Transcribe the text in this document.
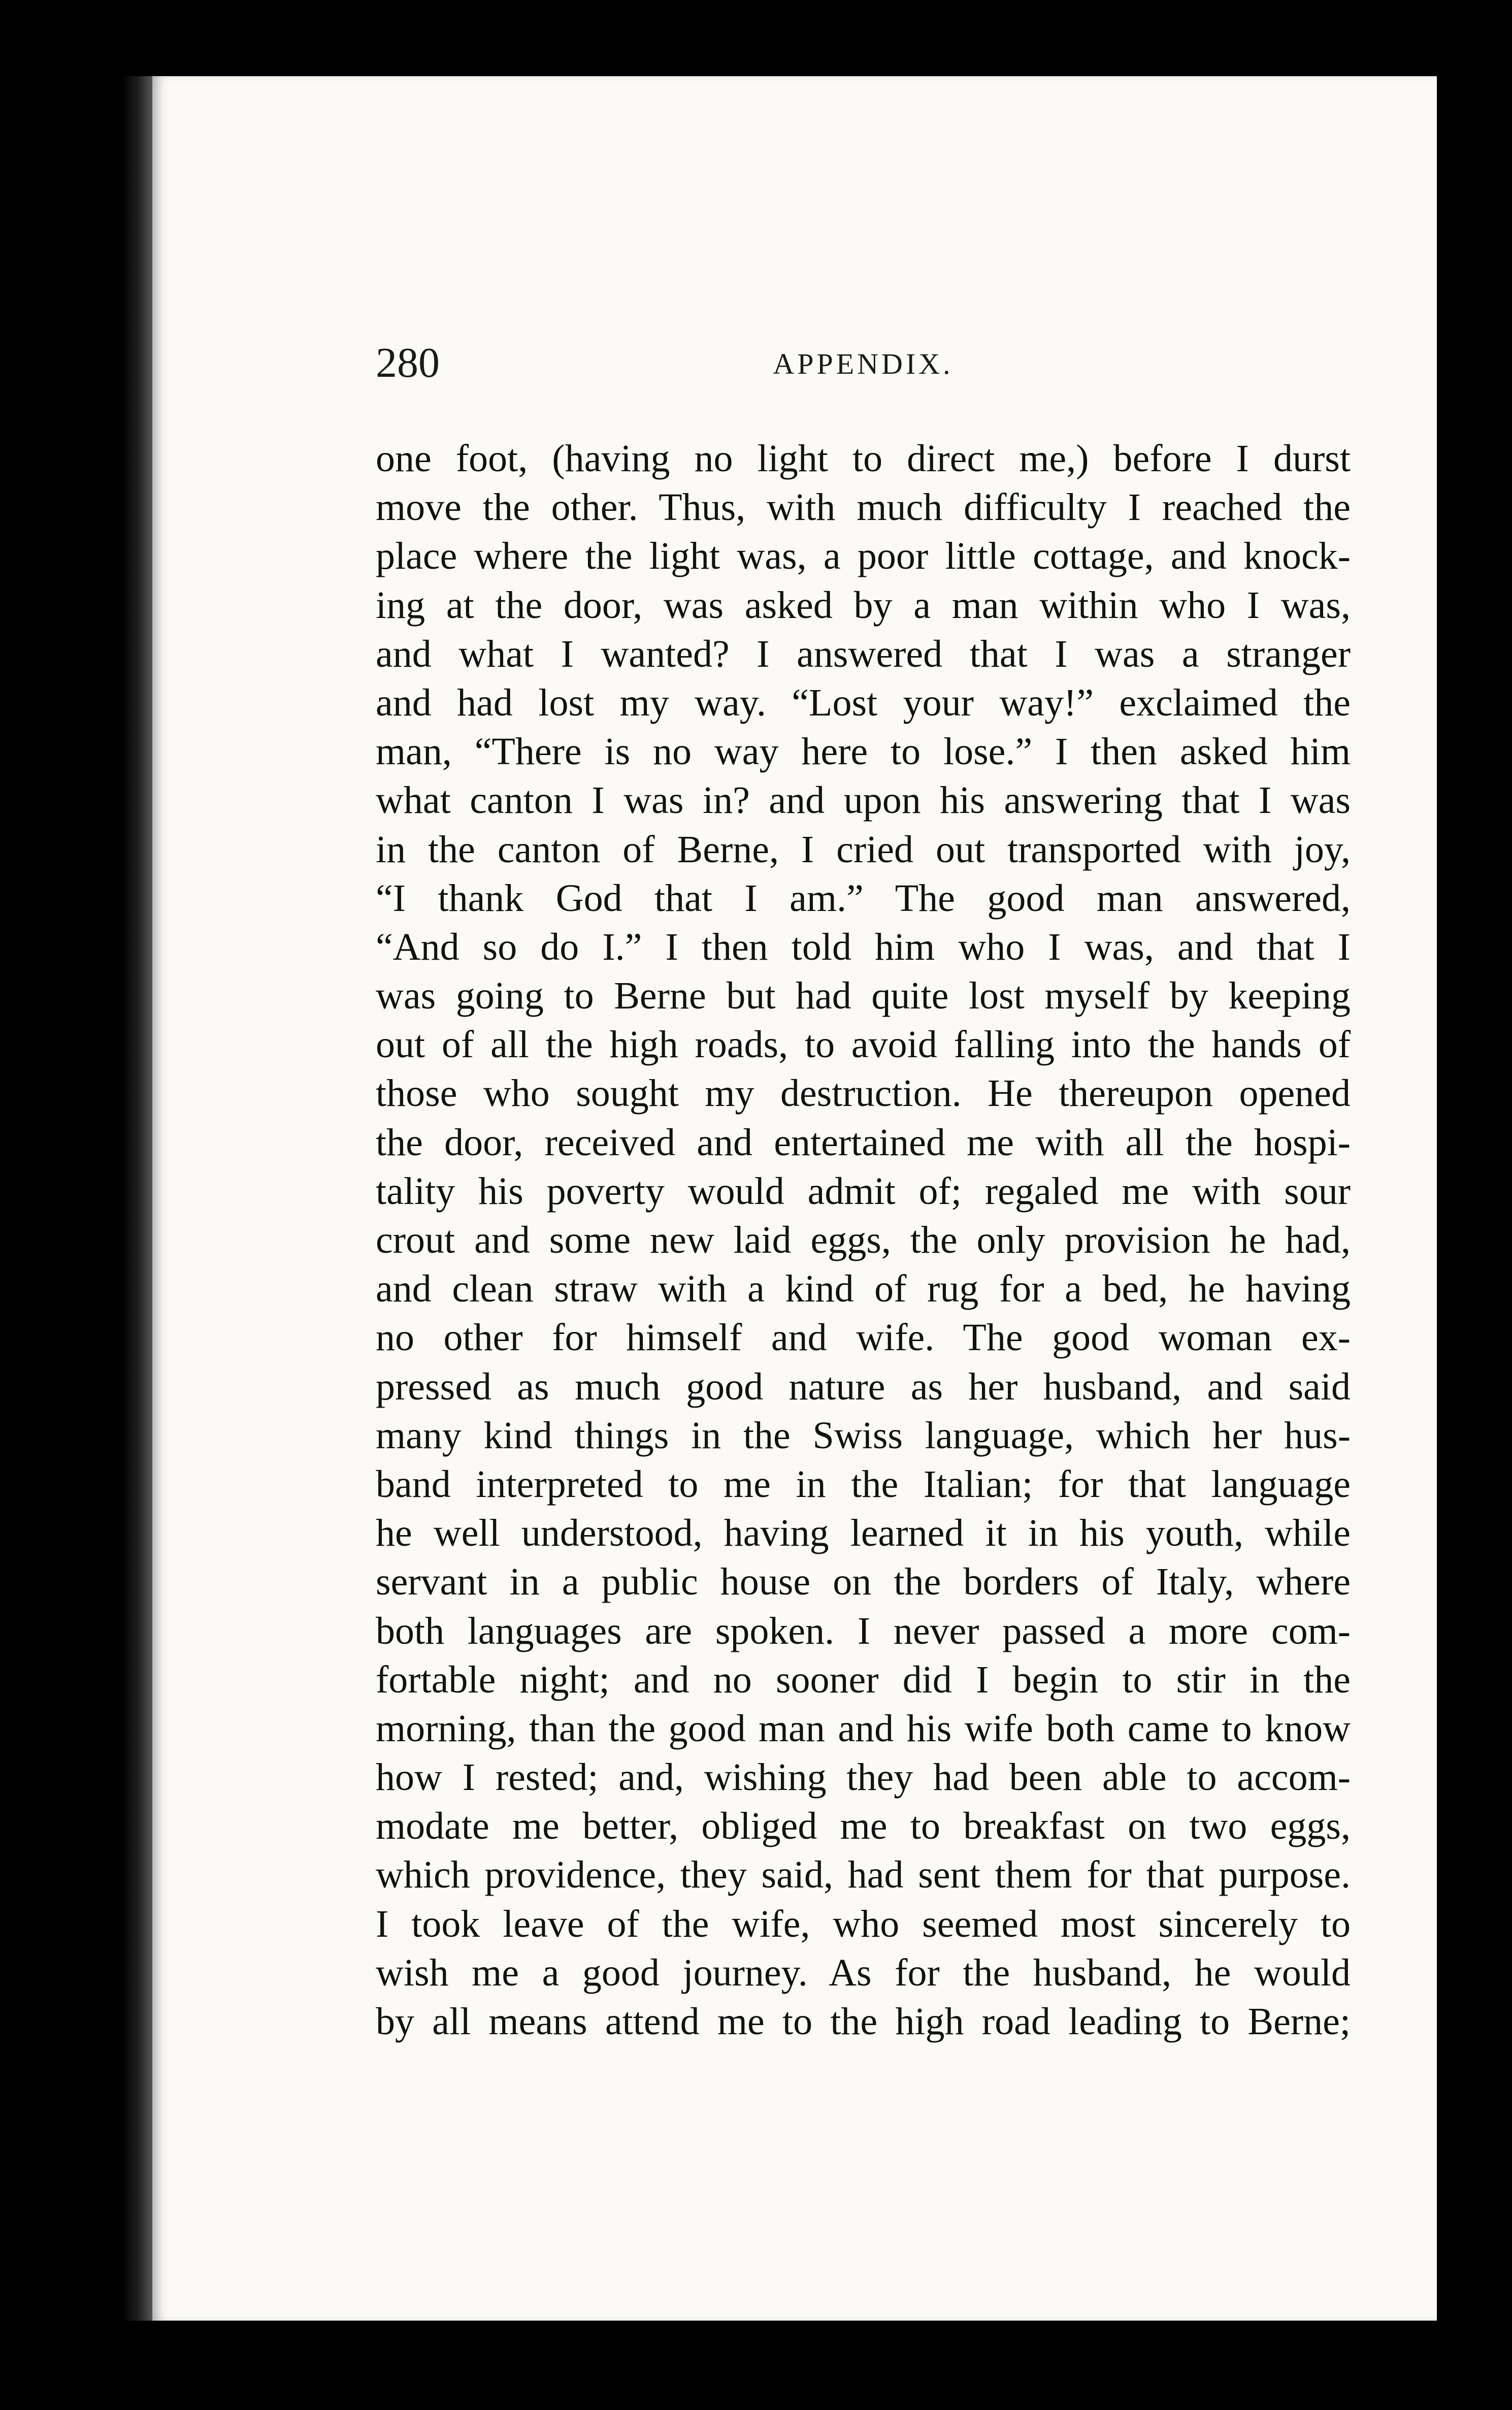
280	APPENDIX.
one foot, (having no light to direct me,) before I durst
move the other. Thus, with much difficulty I reached the
place where the light was, a poor little cottage, and knock-
ing at the door, was asked by a man within who I was,
and what I wanted? I answered that I was a stranger
and had lost my way. “Lost your way!” exclaimed the
man, “There is no way here to lose.” I then asked him
what canton I was in? and upon his answering that I was
in the canton of Berne, I cried out transported with joy,
“I thank God that I am.” The good man answered,
“And so do I.” I then told him who I was, and that I
was going to Berne but had quite lost myself by keeping
out of all the high roads, to avoid falling into the hands of
those who sought my destruction. He thereupon opened
the door, received and entertained me with all the hospi-
tality his poverty would admit of; regaled me with sour
crout and some new laid eggs, the only provision he had,
and clean straw with a kind of rug for a bed, he having
no other for himself and wife. The good woman ex-
pressed as much good nature as her husband, and said
many kind things in the Swiss language, which her hus-
band interpreted to me in the Italian; for that language
he well understood, having learned it in his youth, while
servant in a public house on the borders of Italy, where
both languages are spoken. I never passed a more com-
fortable night; and no sooner did I begin to stir in the
morning, than the good man and his wife both came to know
how I rested; and, wishing they had been able to accom-
modate me better, obliged me to breakfast on two eggs,
which providence, they said, had sent them for that purpose.
I took leave of the wife, who seemed most sincerely to
wish me a good journey. As for the husband, he would
by all means attend me to the high road leading to Berne;
